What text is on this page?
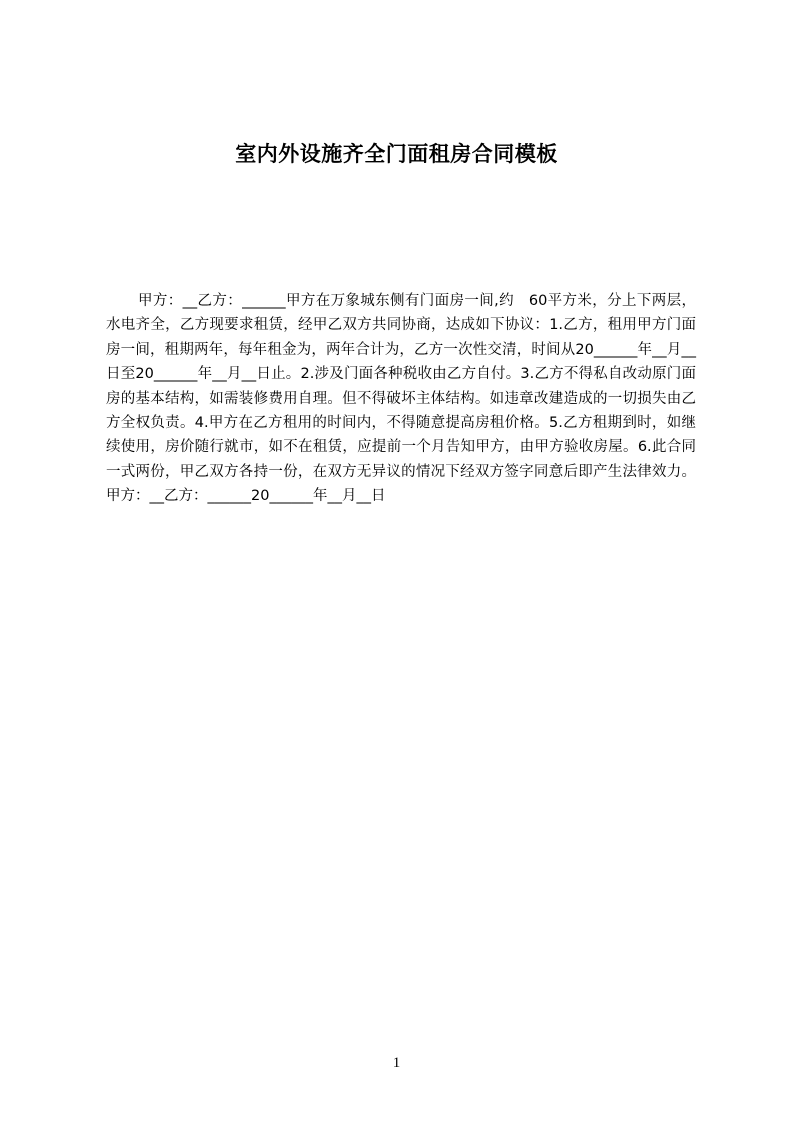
室内外设施齐全门面租房合同模板

甲方：__乙方：______甲方在万象城东侧有门面房一间,约　60平方米，分上下两层，水电齐全，乙方现要求租赁，经甲乙双方共同协商，达成如下协议：1.乙方，租用甲方门面房一间，租期两年，每年租金为，两年合计为，乙方一次性交清，时间从20______年__月__日至20______年__月__日止。2.涉及门面各种税收由乙方自付。3.乙方不得私自改动原门面房的基本结构，如需装修费用自理。但不得破坏主体结构。如违章改建造成的一切损失由乙方全权负责。4.甲方在乙方租用的时间内，不得随意提高房租价格。5.乙方租期到时，如继续使用，房价随行就市，如不在租赁，应提前一个月告知甲方，由甲方验收房屋。6.此合同一式两份，甲乙双方各持一份，在双方无异议的情况下经双方签字同意后即产生法律效力。甲方：__乙方：______20______年__月__日

1
